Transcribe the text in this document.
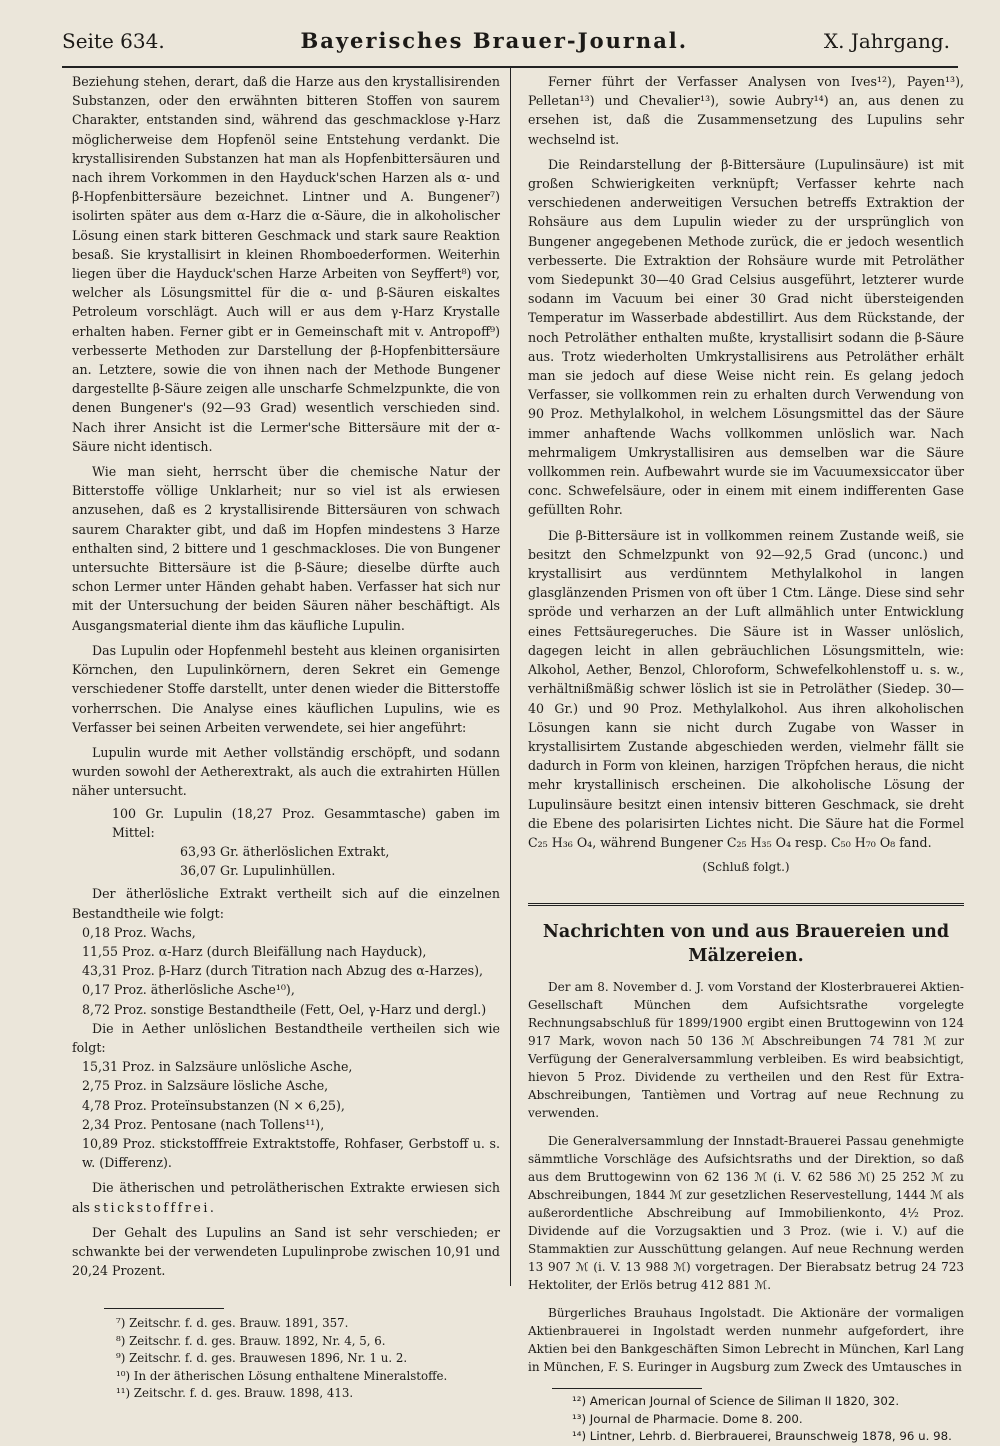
Seite 634.	Bayerisches Brauer-Journal.	X. Jahrgang.

Beziehung stehen, derart, daß die Harze aus den krystallisirenden Substanzen, oder den erwähnten bitteren Stoffen von saurem Charakter, entstanden sind, während das geschmacklose γ-Harz möglicherweise dem Hopfenöl seine Entstehung verdankt. Die krystallisirenden Substanzen hat man als Hopfenbittersäuren und nach ihrem Vorkommen in den Hayduck'schen Harzen als α- und β-Hopfenbittersäure bezeichnet. Lintner und A. Bungener⁷) isolirten später aus dem α-Harz die α-Säure, die in alkoholischer Lösung einen stark bitteren Geschmack und stark saure Reaktion besaß. Sie krystallisirt in kleinen Rhomboederformen. Weiterhin liegen über die Hayduck'schen Harze Arbeiten von Seyffert⁸) vor, welcher als Lösungsmittel für die α- und β-Säuren eiskaltes Petroleum vorschlägt. Auch will er aus dem γ-Harz Krystalle erhalten haben. Ferner gibt er in Gemeinschaft mit v. Antropoff⁹) verbesserte Methoden zur Darstellung der β-Hopfenbittersäure an. Letztere, sowie die von ihnen nach der Methode Bungener dargestellte β-Säure zeigen alle unscharfe Schmelzpunkte, die von denen Bungener's (92—93 Grad) wesentlich verschieden sind. Nach ihrer Ansicht ist die Lermer'sche Bittersäure mit der α-Säure nicht identisch.

Wie man sieht, herrscht über die chemische Natur der Bitterstoffe völlige Unklarheit; nur so viel ist als erwiesen anzusehen, daß es 2 krystallisirende Bittersäuren von schwach saurem Charakter gibt, und daß im Hopfen mindestens 3 Harze enthalten sind, 2 bittere und 1 geschmackloses. Die von Bungener untersuchte Bittersäure ist die β-Säure; dieselbe dürfte auch schon Lermer unter Händen gehabt haben. Verfasser hat sich nur mit der Untersuchung der beiden Säuren näher beschäftigt. Als Ausgangsmaterial diente ihm das käufliche Lupulin.

Das Lupulin oder Hopfenmehl besteht aus kleinen organisirten Körnchen, den Lupulinkörnern, deren Sekret ein Gemenge verschiedener Stoffe darstellt, unter denen wieder die Bitterstoffe vorherrschen. Die Analyse eines käuflichen Lupulins, wie es Verfasser bei seinen Arbeiten verwendete, sei hier angeführt:

Lupulin wurde mit Aether vollständig erschöpft, und sodann wurden sowohl der Aetherextrakt, als auch die extrahirten Hüllen näher untersucht.

100 Gr. Lupulin (18,27 Proz. Gesammtasche) gaben im Mittel:
63,93 Gr. ätherlöslichen Extrakt,
36,07 Gr. Lupulinhüllen.

Der ätherlösliche Extrakt vertheilt sich auf die einzelnen Bestandtheile wie folgt:

0,18 Proz. Wachs,
11,55 Proz. α-Harz (durch Bleifällung nach Hayduck),
43,31 Proz. β-Harz (durch Titration nach Abzug des α-Harzes),
0,17 Proz. ätherlösliche Asche¹⁰),
8,72 Proz. sonstige Bestandtheile (Fett, Oel, γ-Harz und dergl.)

Die in Aether unlöslichen Bestandtheile vertheilen sich wie folgt:

15,31 Proz. in Salzsäure unlösliche Asche,
2,75 Proz. in Salzsäure lösliche Asche,
4,78 Proz. Proteïnsubstanzen (N × 6,25),
2,34 Proz. Pentosane (nach Tollens¹¹),
10,89 Proz. stickstofffreie Extraktstoffe, Rohfaser, Gerbstoff u. s. w. (Differenz).

Die ätherischen und petrolätherischen Extrakte erwiesen sich als stickstofffrei.

Der Gehalt des Lupulins an Sand ist sehr verschieden; er schwankte bei der verwendeten Lupulinprobe zwischen 10,91 und 20,24 Prozent.

⁷) Zeitschr. f. d. ges. Brauw. 1891, 357.
⁸) Zeitschr. f. d. ges. Brauw. 1892, Nr. 4, 5, 6.
⁹) Zeitschr. f. d. ges. Brauwesen 1896, Nr. 1 u. 2.
¹⁰) In der ätherischen Lösung enthaltene Mineralstoffe.
¹¹) Zeitschr. f. d. ges. Brauw. 1898, 413.

Ferner führt der Verfasser Analysen von Ives¹²), Payen¹³), Pelletan¹³) und Chevalier¹³), sowie Aubry¹⁴) an, aus denen zu ersehen ist, daß die Zusammensetzung des Lupulins sehr wechselnd ist.

Die Reindarstellung der β-Bittersäure (Lupulinsäure) ist mit großen Schwierigkeiten verknüpft; Verfasser kehrte nach verschiedenen anderweitigen Versuchen betreffs Extraktion der Rohsäure aus dem Lupulin wieder zu der ursprünglich von Bungener angegebenen Methode zurück, die er jedoch wesentlich verbesserte. Die Extraktion der Rohsäure wurde mit Petroläther vom Siedepunkt 30—40 Grad Celsius ausgeführt, letzterer wurde sodann im Vacuum bei einer 30 Grad nicht übersteigenden Temperatur im Wasserbade abdestillirt. Aus dem Rückstande, der noch Petroläther enthalten mußte, krystallisirt sodann die β-Säure aus. Trotz wiederholten Umkrystallisirens aus Petroläther erhält man sie jedoch auf diese Weise nicht rein. Es gelang jedoch Verfasser, sie vollkommen rein zu erhalten durch Verwendung von 90 Proz. Methylalkohol, in welchem Lösungsmittel das der Säure immer anhaftende Wachs vollkommen unlöslich war. Nach mehrmaligem Umkrystallisiren aus demselben war die Säure vollkommen rein. Aufbewahrt wurde sie im Vacuumexsiccator über conc. Schwefelsäure, oder in einem mit einem indifferenten Gase gefüllten Rohr.

Die β-Bittersäure ist in vollkommen reinem Zustande weiß, sie besitzt den Schmelzpunkt von 92—92,5 Grad (unconc.) und krystallisirt aus verdünntem Methylalkohol in langen glasglänzenden Prismen von oft über 1 Ctm. Länge. Diese sind sehr spröde und verharzen an der Luft allmählich unter Entwicklung eines Fettsäuregeruches. Die Säure ist in Wasser unlöslich, dagegen leicht in allen gebräuchlichen Lösungsmitteln, wie: Alkohol, Aether, Benzol, Chloroform, Schwefelkohlenstoff u. s. w., verhältnißmäßig schwer löslich ist sie in Petroläther (Siedep. 30—40 Gr.) und 90 Proz. Methylalkohol. Aus ihren alkoholischen Lösungen kann sie nicht durch Zugabe von Wasser in krystallisirtem Zustande abgeschieden werden, vielmehr fällt sie dadurch in Form von kleinen, harzigen Tröpfchen heraus, die nicht mehr krystallinisch erscheinen. Die alkoholische Lösung der Lupulinsäure besitzt einen intensiv bitteren Geschmack, sie dreht die Ebene des polarisirten Lichtes nicht. Die Säure hat die Formel C₂₅ H₃₆ O₄, während Bungener C₂₅ H₃₅ O₄ resp. C₅₀ H₇₀ O₈ fand.

(Schluß folgt.)
Nachrichten von und aus Brauereien und
Mälzereien.

Der am 8. November d. J. vom Vorstand der Klosterbrauerei Aktien-Gesellschaft München dem Aufsichtsrathe vorgelegte Rechnungsabschluß für 1899/1900 ergibt einen Bruttogewinn von 124 917 Mark, wovon nach 50 136 ℳ Abschreibungen 74 781 ℳ zur Verfügung der Generalversammlung verbleiben. Es wird beabsichtigt, hievon 5 Proz. Dividende zu vertheilen und den Rest für Extra-Abschreibungen, Tantièmen und Vortrag auf neue Rechnung zu verwenden.

Die Generalversammlung der Innstadt-Brauerei Passau genehmigte sämmtliche Vorschläge des Aufsichtsraths und der Direktion, so daß aus dem Bruttogewinn von 62 136 ℳ (i. V. 62 586 ℳ) 25 252 ℳ zu Abschreibungen, 1844 ℳ zur gesetzlichen Reservestellung, 1444 ℳ als außerordentliche Abschreibung auf Immobilienkonto, 4½ Proz. Dividende auf die Vorzugsaktien und 3 Proz. (wie i. V.) auf die Stammaktien zur Ausschüttung gelangen. Auf neue Rechnung werden 13 907 ℳ (i. V. 13 988 ℳ) vorgetragen. Der Bierabsatz betrug 24 723 Hektoliter, der Erlös betrug 412 881 ℳ.

Bürgerliches Brauhaus Ingolstadt. Die Aktionäre der vormaligen Aktienbrauerei in Ingolstadt werden nunmehr aufgefordert, ihre Aktien bei den Bankgeschäften Simon Lebrecht in München, Karl Lang in München, F. S. Euringer in Augsburg zum Zweck des Umtausches in

¹²) American Journal of Science de Siliman II 1820, 302.
¹³) Journal de Pharmacie. Dome 8. 200.
¹⁴) Lintner, Lehrb. d. Bierbrauerei, Braunschweig 1878, 96 u. 98.
